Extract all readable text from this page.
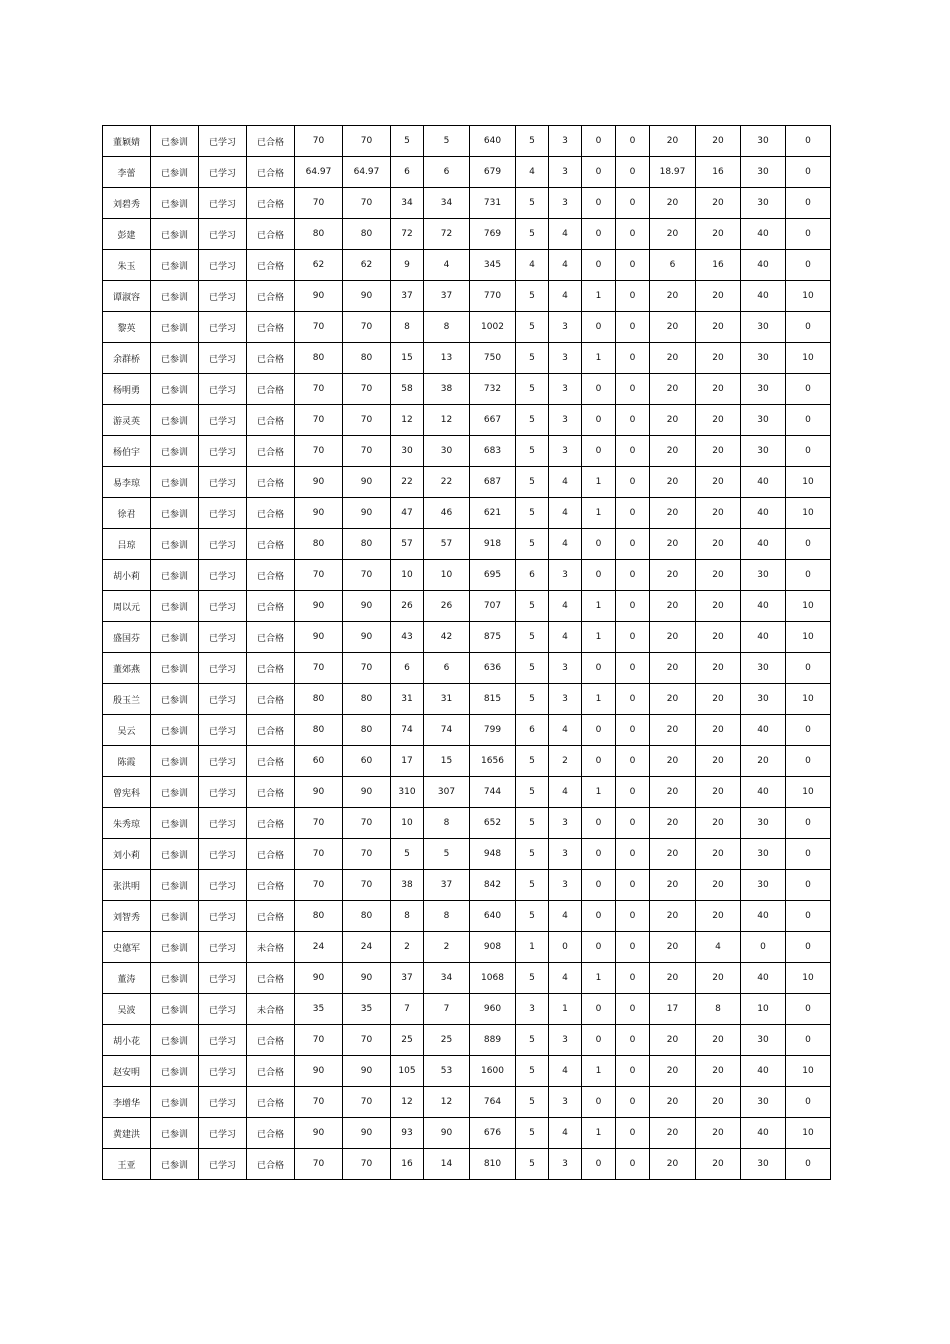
董颖婧	已参训	已学习	已合格	70	70	5	5	640	5	3	0	0	20	20	30	0
李蕾	已参训	已学习	已合格	64.97	64.97	6	6	679	4	3	0	0	18.97	16	30	0
刘碧秀	已参训	已学习	已合格	70	70	34	34	731	5	3	0	0	20	20	30	0
彭建	已参训	已学习	已合格	80	80	72	72	769	5	4	0	0	20	20	40	0
朱玉	已参训	已学习	已合格	62	62	9	4	345	4	4	0	0	6	16	40	0
谭淑容	已参训	已学习	已合格	90	90	37	37	770	5	4	1	0	20	20	40	10
黎英	已参训	已学习	已合格	70	70	8	8	1002	5	3	0	0	20	20	30	0
余群桥	已参训	已学习	已合格	80	80	15	13	750	5	3	1	0	20	20	30	10
杨明勇	已参训	已学习	已合格	70	70	58	38	732	5	3	0	0	20	20	30	0
游灵英	已参训	已学习	已合格	70	70	12	12	667	5	3	0	0	20	20	30	0
杨伯宇	已参训	已学习	已合格	70	70	30	30	683	5	3	0	0	20	20	30	0
易李琼	已参训	已学习	已合格	90	90	22	22	687	5	4	1	0	20	20	40	10
徐君	已参训	已学习	已合格	90	90	47	46	621	5	4	1	0	20	20	40	10
吕琼	已参训	已学习	已合格	80	80	57	57	918	5	4	0	0	20	20	40	0
胡小莉	已参训	已学习	已合格	70	70	10	10	695	6	3	0	0	20	20	30	0
周以元	已参训	已学习	已合格	90	90	26	26	707	5	4	1	0	20	20	40	10
盛国芬	已参训	已学习	已合格	90	90	43	42	875	5	4	1	0	20	20	40	10
董郊燕	已参训	已学习	已合格	70	70	6	6	636	5	3	0	0	20	20	30	0
殷玉兰	已参训	已学习	已合格	80	80	31	31	815	5	3	1	0	20	20	30	10
吴云	已参训	已学习	已合格	80	80	74	74	799	6	4	0	0	20	20	40	0
陈霞	已参训	已学习	已合格	60	60	17	15	1656	5	2	0	0	20	20	20	0
曾宪科	已参训	已学习	已合格	90	90	310	307	744	5	4	1	0	20	20	40	10
朱秀琼	已参训	已学习	已合格	70	70	10	8	652	5	3	0	0	20	20	30	0
刘小莉	已参训	已学习	已合格	70	70	5	5	948	5	3	0	0	20	20	30	0
张洪明	已参训	已学习	已合格	70	70	38	37	842	5	3	0	0	20	20	30	0
刘智秀	已参训	已学习	已合格	80	80	8	8	640	5	4	0	0	20	20	40	0
史德军	已参训	已学习	未合格	24	24	2	2	908	1	0	0	0	20	4	0	0
董涛	已参训	已学习	已合格	90	90	37	34	1068	5	4	1	0	20	20	40	10
吴波	已参训	已学习	未合格	35	35	7	7	960	3	1	0	0	17	8	10	0
胡小花	已参训	已学习	已合格	70	70	25	25	889	5	3	0	0	20	20	30	0
赵安明	已参训	已学习	已合格	90	90	105	53	1600	5	4	1	0	20	20	40	10
李增华	已参训	已学习	已合格	70	70	12	12	764	5	3	0	0	20	20	30	0
黄建洪	已参训	已学习	已合格	90	90	93	90	676	5	4	1	0	20	20	40	10
王亚	已参训	已学习	已合格	70	70	16	14	810	5	3	0	0	20	20	30	0
